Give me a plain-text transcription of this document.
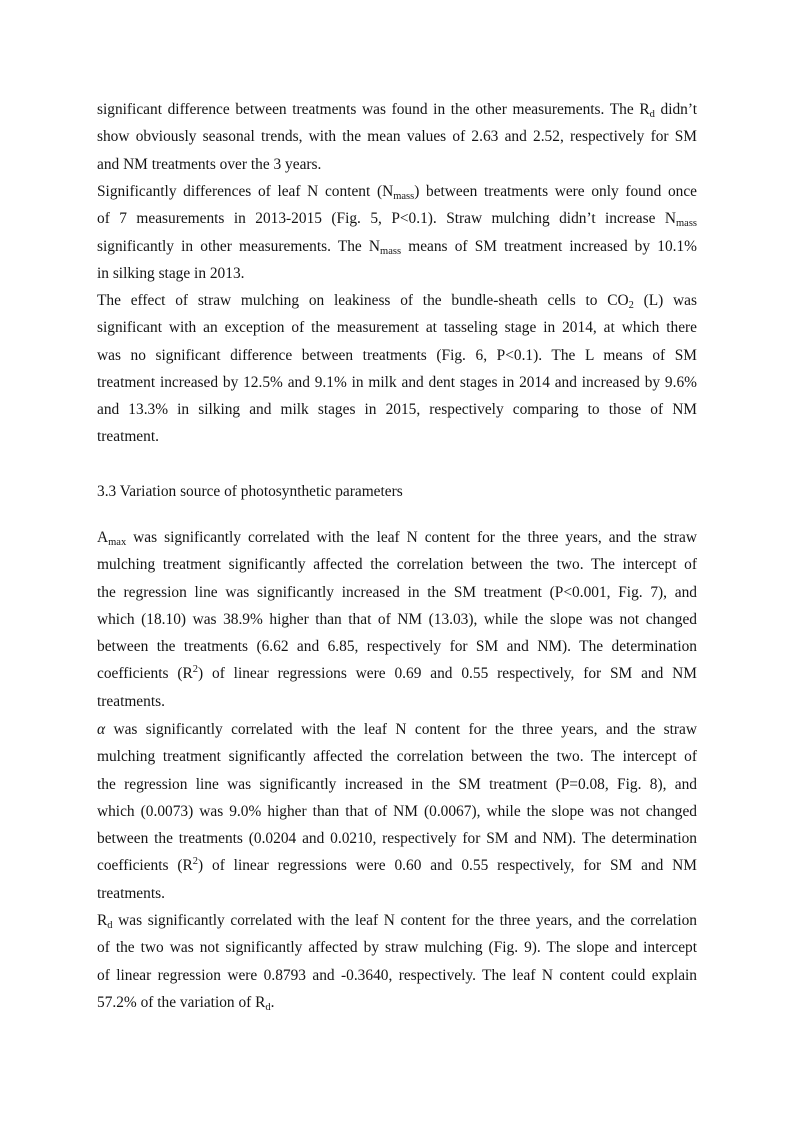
significant difference between treatments was found in the other measurements. The $R_d$ didn’t
show obviously seasonal trends, with the mean values of 2.63 and 2.52, respectively for SM
and NM treatments over the 3 years.
Significantly differences of leaf N content $(N_{mass})$ between treatments were only found once
of 7 measurements in 2013-2015 (Fig. 5, P<0.1). Straw mulching didn’t increase $N_{mass}$
significantly in other measurements. The $N_{mass}$ means of SM treatment increased by 10.1%
in silking stage in 2013.
The effect of straw mulching on leakiness of the bundle-sheath cells to $CO_2$ (L) was
significant with an exception of the measurement at tasseling stage in 2014, at which there
was no significant difference between treatments (Fig. 6, P<0.1). The L means of SM
treatment increased by 12.5% and 9.1% in milk and dent stages in 2014 and increased by 9.6%
and 13.3% in silking and milk stages in 2015, respectively comparing to those of NM
treatment.
3.3 Variation source of photosynthetic parameters
$A_{max}$ was significantly correlated with the leaf N content for the three years, and the straw
mulching treatment significantly affected the correlation between the two. The intercept of
the regression line was significantly increased in the SM treatment (P<0.001, Fig. 7), and
which (18.10) was 38.9% higher than that of NM (13.03), while the slope was not changed
between the treatments (6.62 and 6.85, respectively for SM and NM). The determination
coefficients $(R^2)$ of linear regressions were 0.69 and 0.55 respectively, for SM and NM
treatments.
α was significantly correlated with the leaf N content for the three years, and the straw
mulching treatment significantly affected the correlation between the two. The intercept of
the regression line was significantly increased in the SM treatment (P=0.08, Fig. 8), and
which (0.0073) was 9.0% higher than that of NM (0.0067), while the slope was not changed
between the treatments (0.0204 and 0.0210, respectively for SM and NM). The determination
coefficients $(R^2)$ of linear regressions were 0.60 and 0.55 respectively, for SM and NM
treatments.
$R_d$ was significantly correlated with the leaf N content for the three years, and the correlation
of the two was not significantly affected by straw mulching (Fig. 9). The slope and intercept
of linear regression were 0.8793 and -0.3640, respectively. The leaf N content could explain
57.2% of the variation of $R_d$.
